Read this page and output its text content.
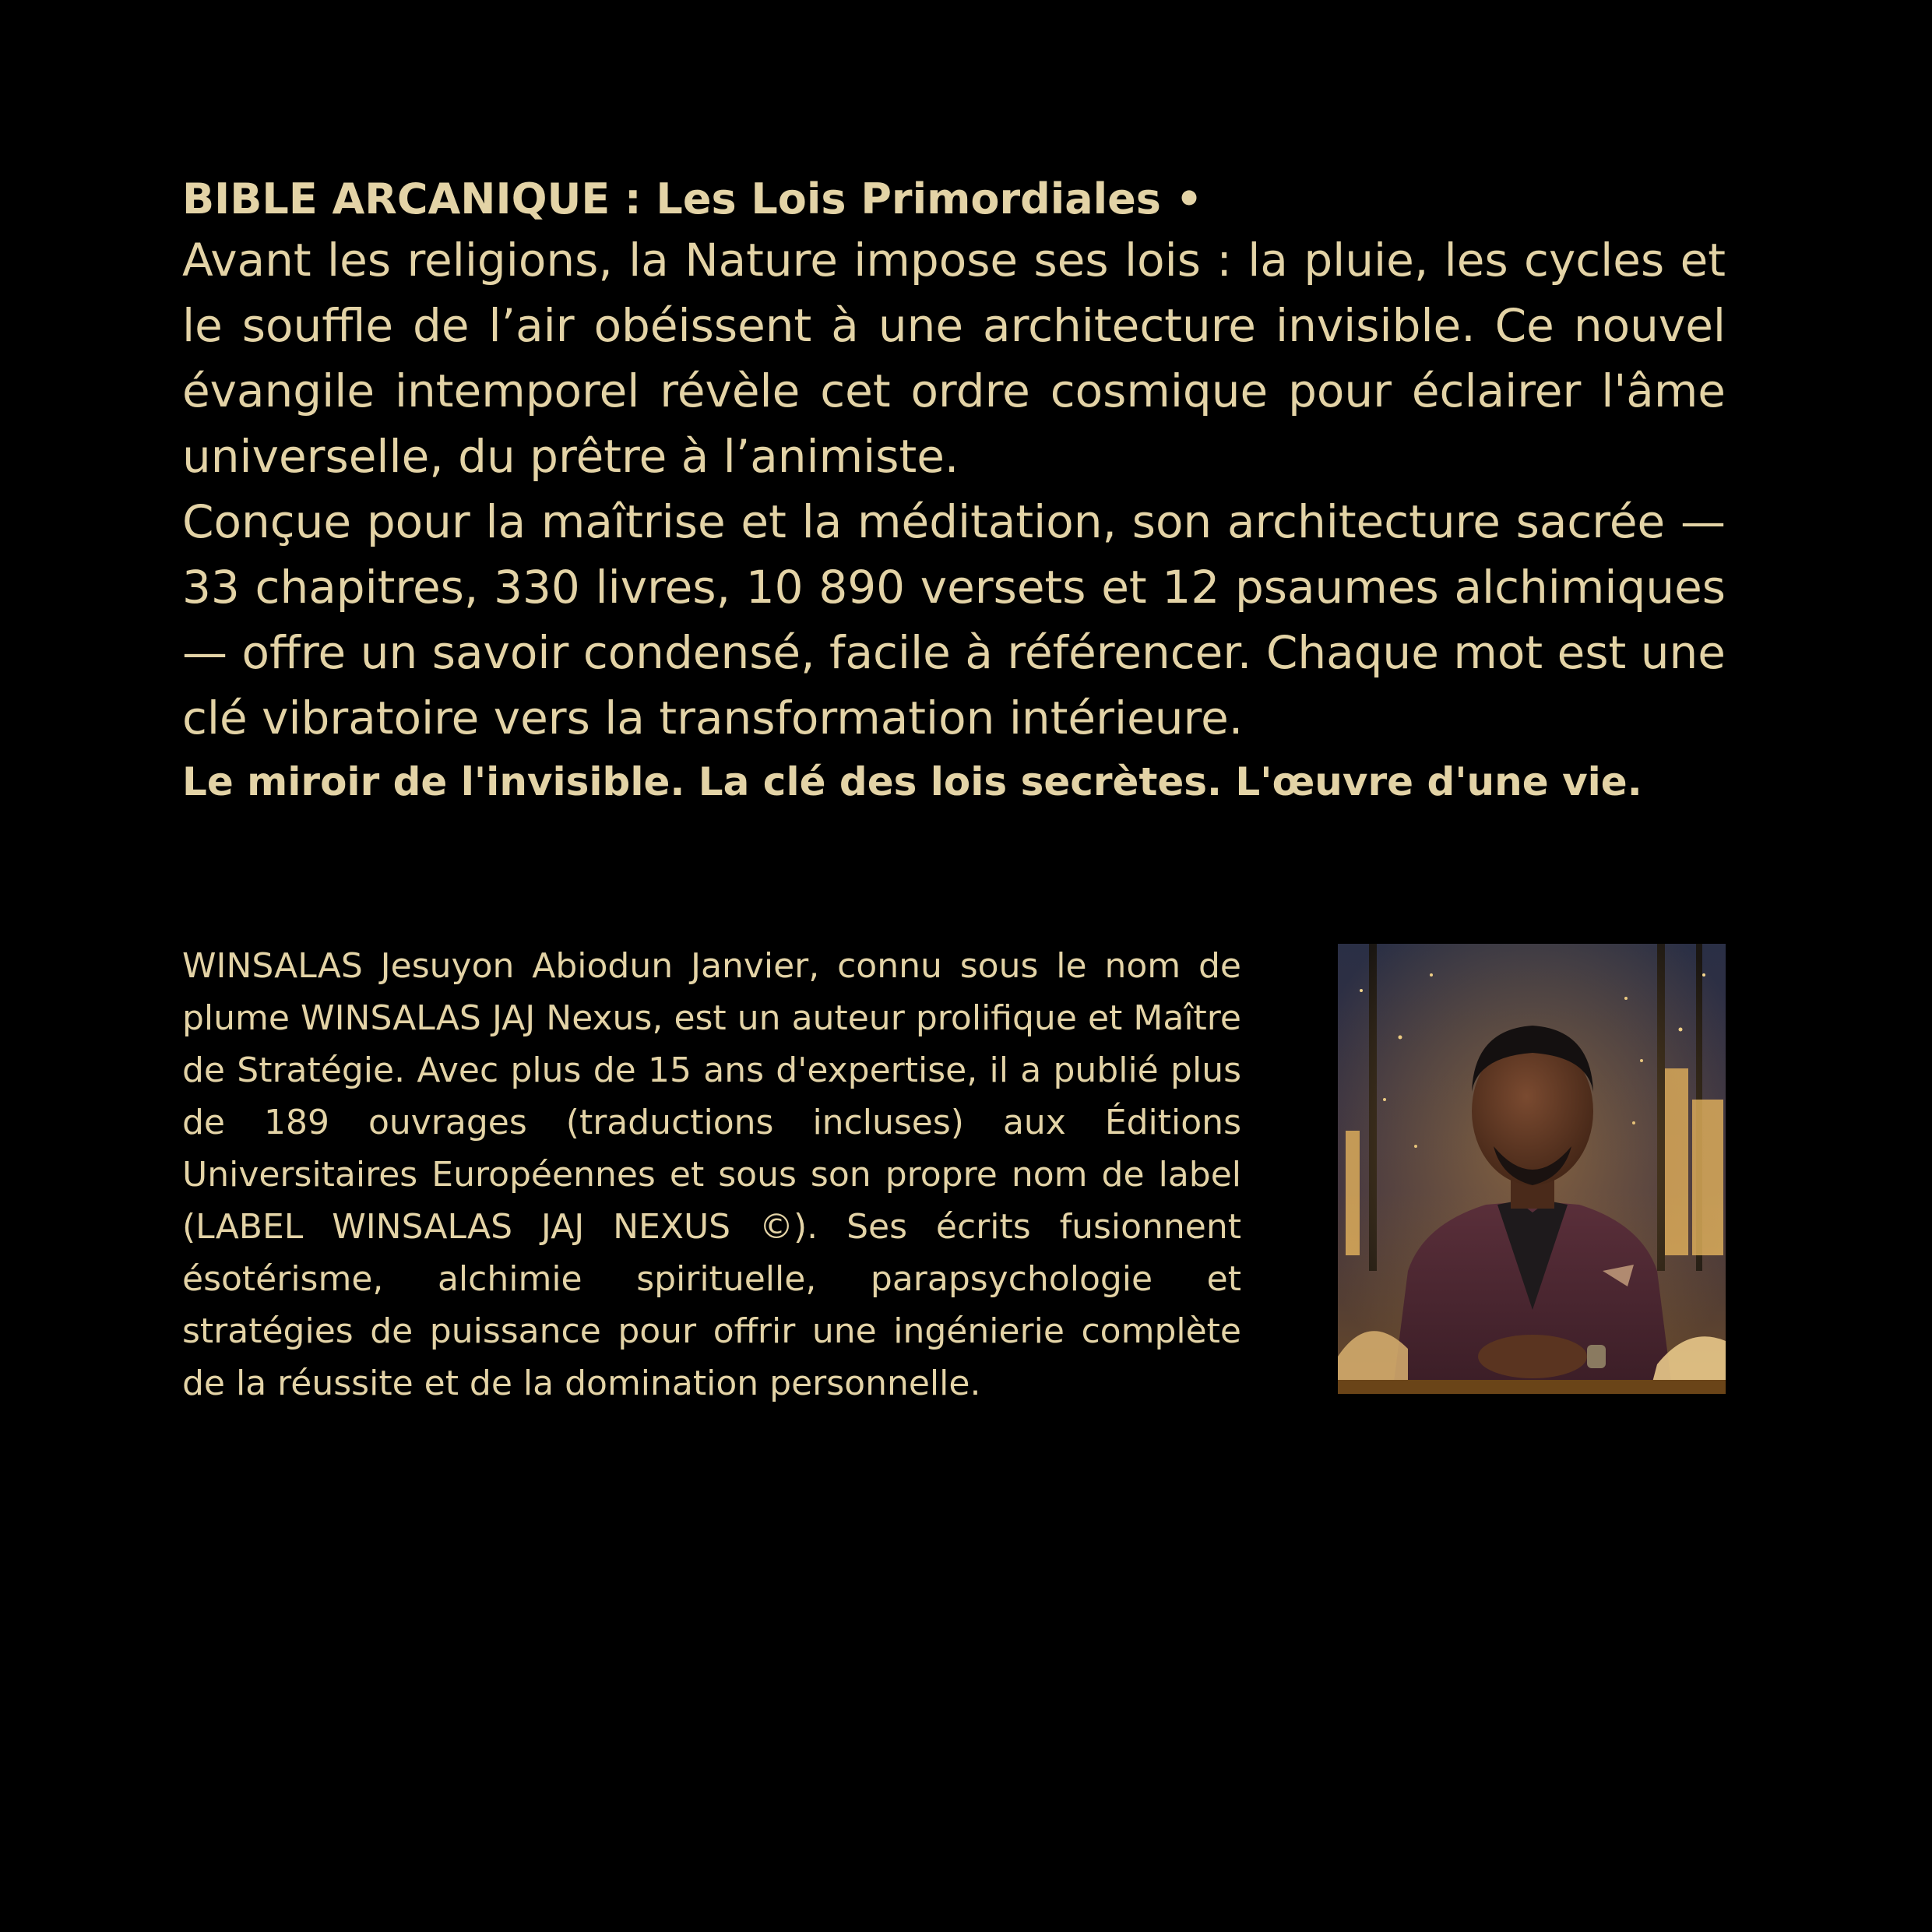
BIBLE ARCANIQUE : Les Lois Primordiales •

Avant les religions, la Nature impose ses lois : la pluie, les cycles et le souffle de l’air obéissent à une architecture invisible. Ce nouvel évangile intemporel révèle cet ordre cosmique pour éclairer l'âme universelle, du prêtre à l’animiste.

Conçue pour la maîtrise et la méditation, son architecture sacrée — 33 chapitres, 330 livres, 10 890 versets et 12 psaumes alchimiques — offre un savoir condensé, facile à référencer. Chaque mot est une clé vibratoire vers la transformation intérieure.

Le miroir de l'invisible. La clé des lois secrètes. L'œuvre d'une vie.

WINSALAS Jesuyon Abiodun Janvier, connu sous le nom de plume WINSALAS JAJ Nexus, est un auteur prolifique et Maître de Stratégie. Avec plus de 15 ans d'expertise, il a publié plus de 189 ouvrages (traductions incluses) aux Éditions Universitaires Européennes et sous son propre nom de label (LABEL WINSALAS JAJ NEXUS ©). Ses écrits fusionnent ésotérisme, alchimie spirituelle, parapsychologie et stratégies de puissance pour offrir une ingénierie complète de la réussite et de la domination personnelle.
